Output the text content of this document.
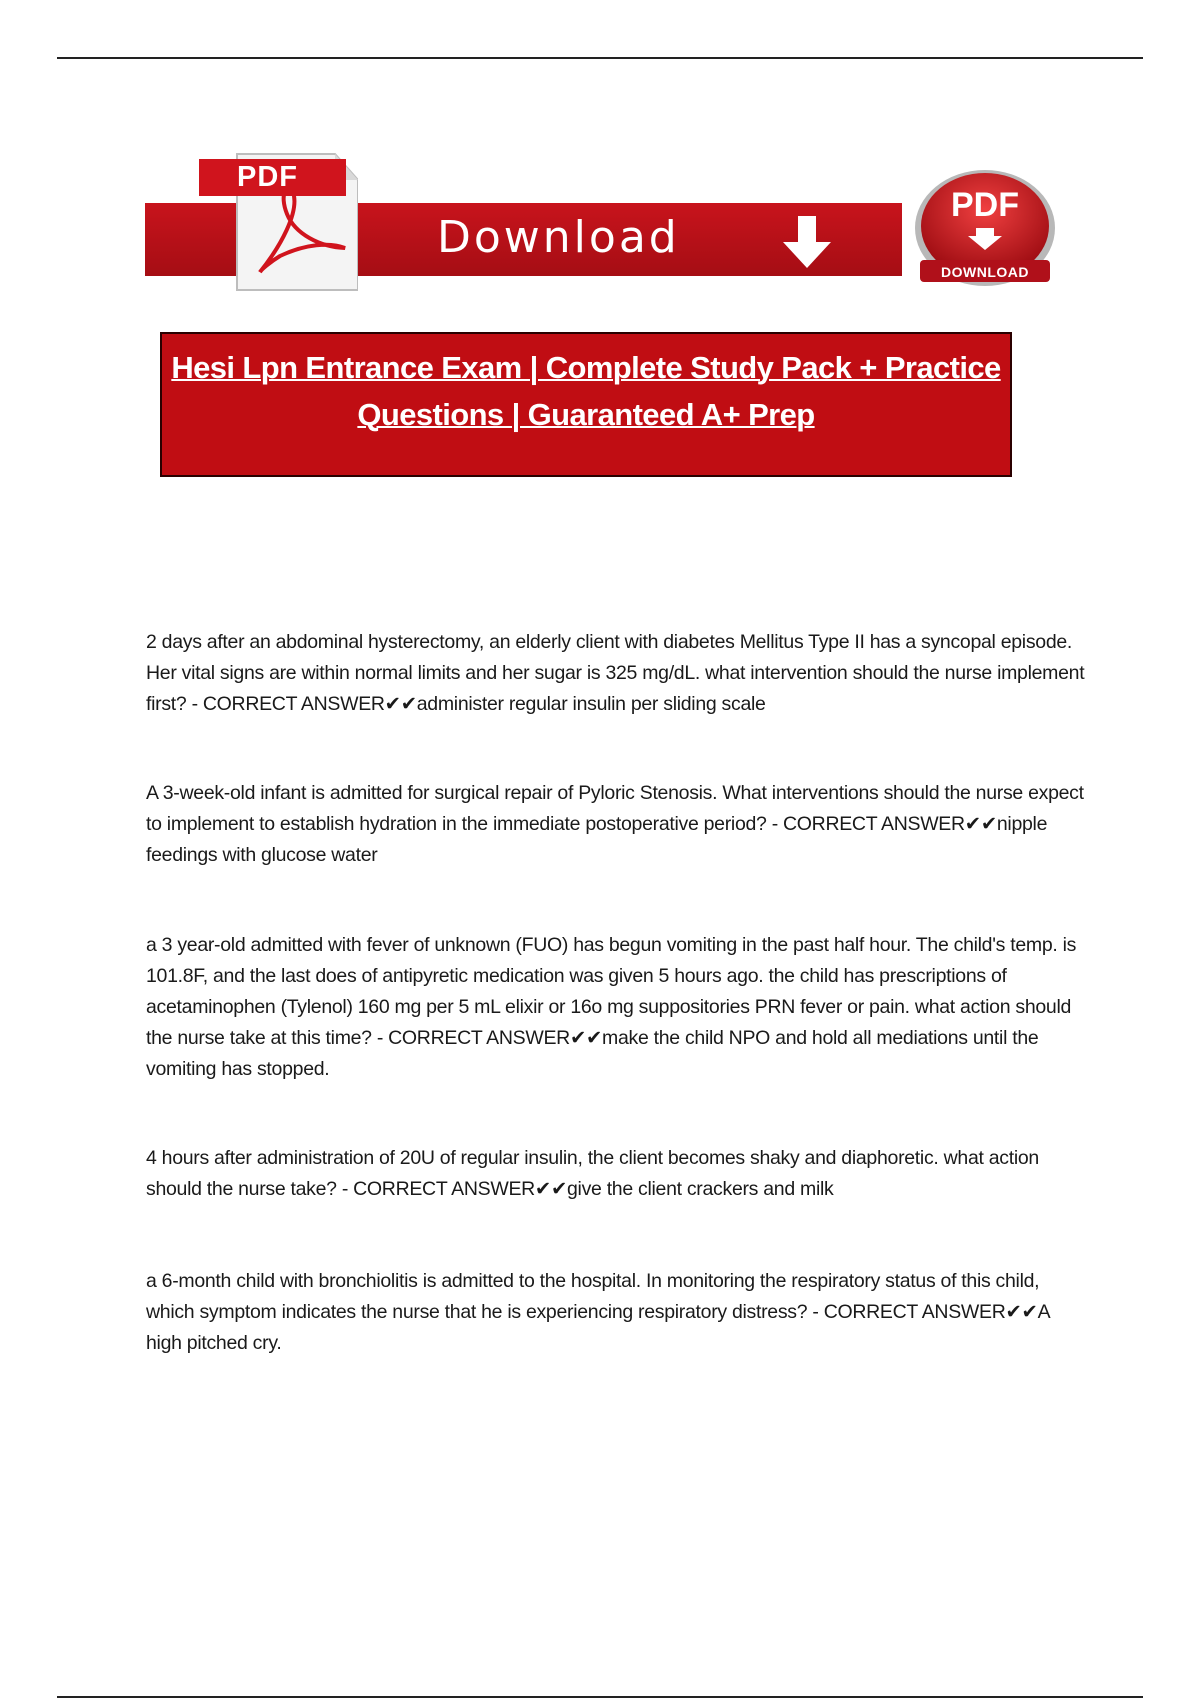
PDF
Download
PDF
DOWNLOAD
Hesi Lpn Entrance Exam | Complete Study Pack + Practice Questions | Guaranteed A+ Prep
2 days after an abdominal hysterectomy, an elderly client with diabetes Mellitus Type II has a syncopal episode. Her vital signs are within normal limits and her sugar is 325 mg/dL. what intervention should the nurse implement first? - CORRECT ANSWER✔✔administer regular insulin per sliding scale
A 3-week-old infant is admitted for surgical repair of Pyloric Stenosis. What interventions should the nurse expect to implement to establish hydration in the immediate postoperative period? - CORRECT ANSWER✔✔nipple feedings with glucose water
a 3 year-old admitted with fever of unknown (FUO) has begun vomiting in the past half hour. The child's temp. is 101.8F, and the last does of antipyretic medication was given 5 hours ago. the child has prescriptions of acetaminophen (Tylenol) 160 mg per 5 mL elixir or 16o mg suppositories PRN fever or pain. what action should the nurse take at this time? - CORRECT ANSWER✔✔make the child NPO and hold all mediations until the vomiting has stopped.
4 hours after administration of 20U of regular insulin, the client becomes shaky and diaphoretic. what action should the nurse take? - CORRECT ANSWER✔✔give the client crackers and milk
a 6-month child with bronchiolitis is admitted to the hospital. In monitoring the respiratory status of this child, which symptom indicates the nurse that he is experiencing respiratory distress? - CORRECT ANSWER✔✔A high pitched cry.
